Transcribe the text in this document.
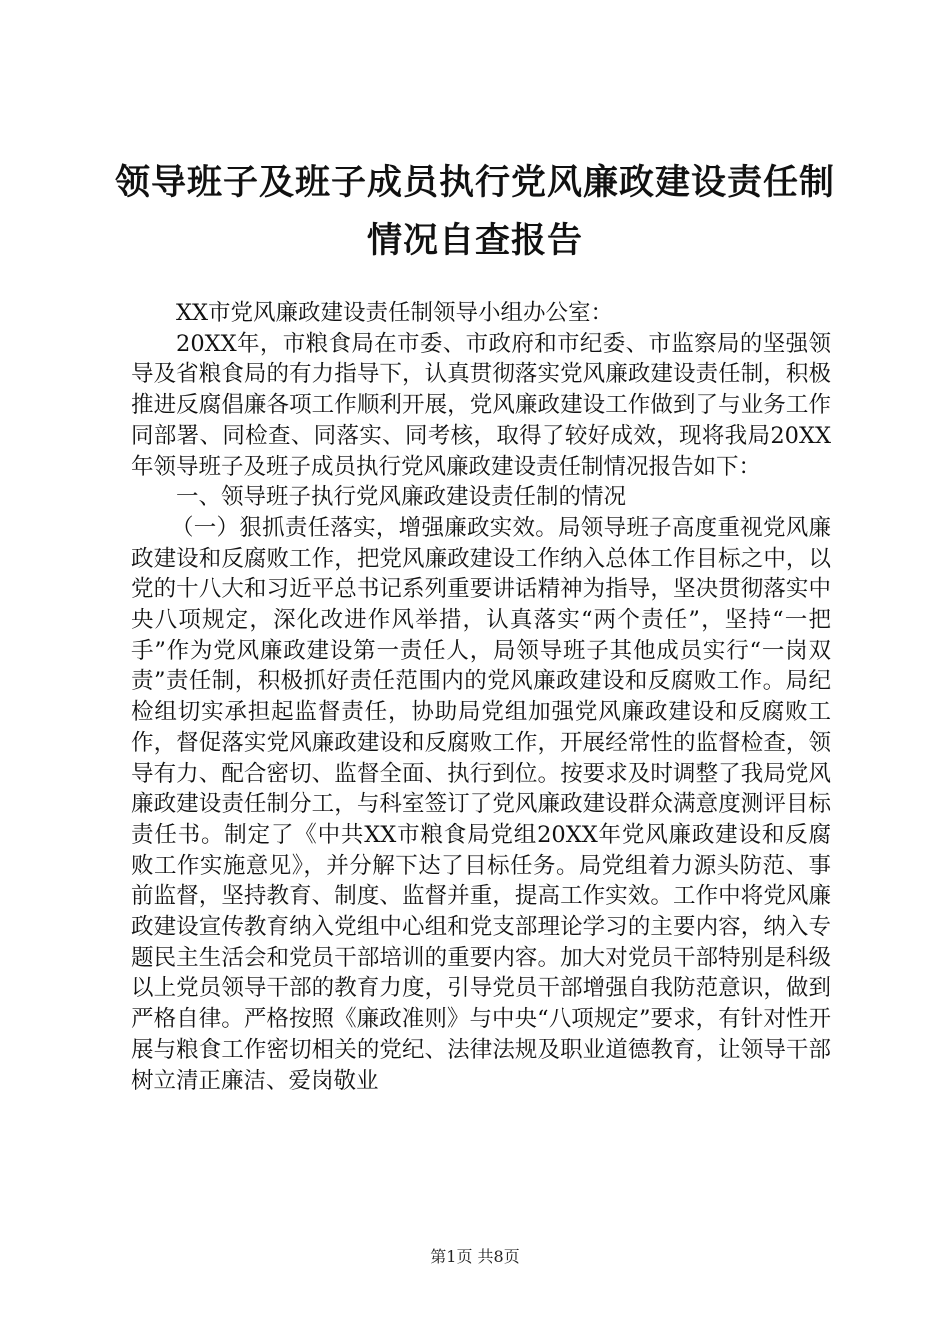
领导班子及班子成员执行党风廉政建设责任制
情况自查报告

XX市党风廉政建设责任制领导小组办公室：

20XX年，市粮食局在市委、市政府和市纪委、市监察局的坚强领导及省粮食局的有力指导下，认真贯彻落实党风廉政建设责任制，积极推进反腐倡廉各项工作顺利开展，党风廉政建设工作做到了与业务工作同部署、同检查、同落实、同考核，取得了较好成效，现将我局20XX年领导班子及班子成员执行党风廉政建设责任制情况报告如下：

一、领导班子执行党风廉政建设责任制的情况

（一）狠抓责任落实，增强廉政实效。局领导班子高度重视党风廉政建设和反腐败工作，把党风廉政建设工作纳入总体工作目标之中，以党的十八大和习近平总书记系列重要讲话精神为指导，坚决贯彻落实中央八项规定，深化改进作风举措，认真落实“两个责任”，坚持“一把手”作为党风廉政建设第一责任人，局领导班子其他成员实行“一岗双责”责任制，积极抓好责任范围内的党风廉政建设和反腐败工作。局纪检组切实承担起监督责任，协助局党组加强党风廉政建设和反腐败工作，督促落实党风廉政建设和反腐败工作，开展经常性的监督检查，领导有力、配合密切、监督全面、执行到位。按要求及时调整了我局党风廉政建设责任制分工，与科室签订了党风廉政建设群众满意度测评目标责任书。制定了《中共XX市粮食局党组20XX年党风廉政建设和反腐败工作实施意见》，并分解下达了目标任务。局党组着力源头防范、事前监督，坚持教育、制度、监督并重，提高工作实效。工作中将党风廉政建设宣传教育纳入党组中心组和党支部理论学习的主要内容，纳入专题民主生活会和党员干部培训的重要内容。加大对党员干部特别是科级以上党员领导干部的教育力度，引导党员干部增强自我防范意识，做到严格自律。严格按照《廉政准则》与中央“八项规定”要求，有针对性开展与粮食工作密切相关的党纪、法律法规及职业道德教育，让领导干部树立清正廉洁、爱岗敬业

第1页 共8页
